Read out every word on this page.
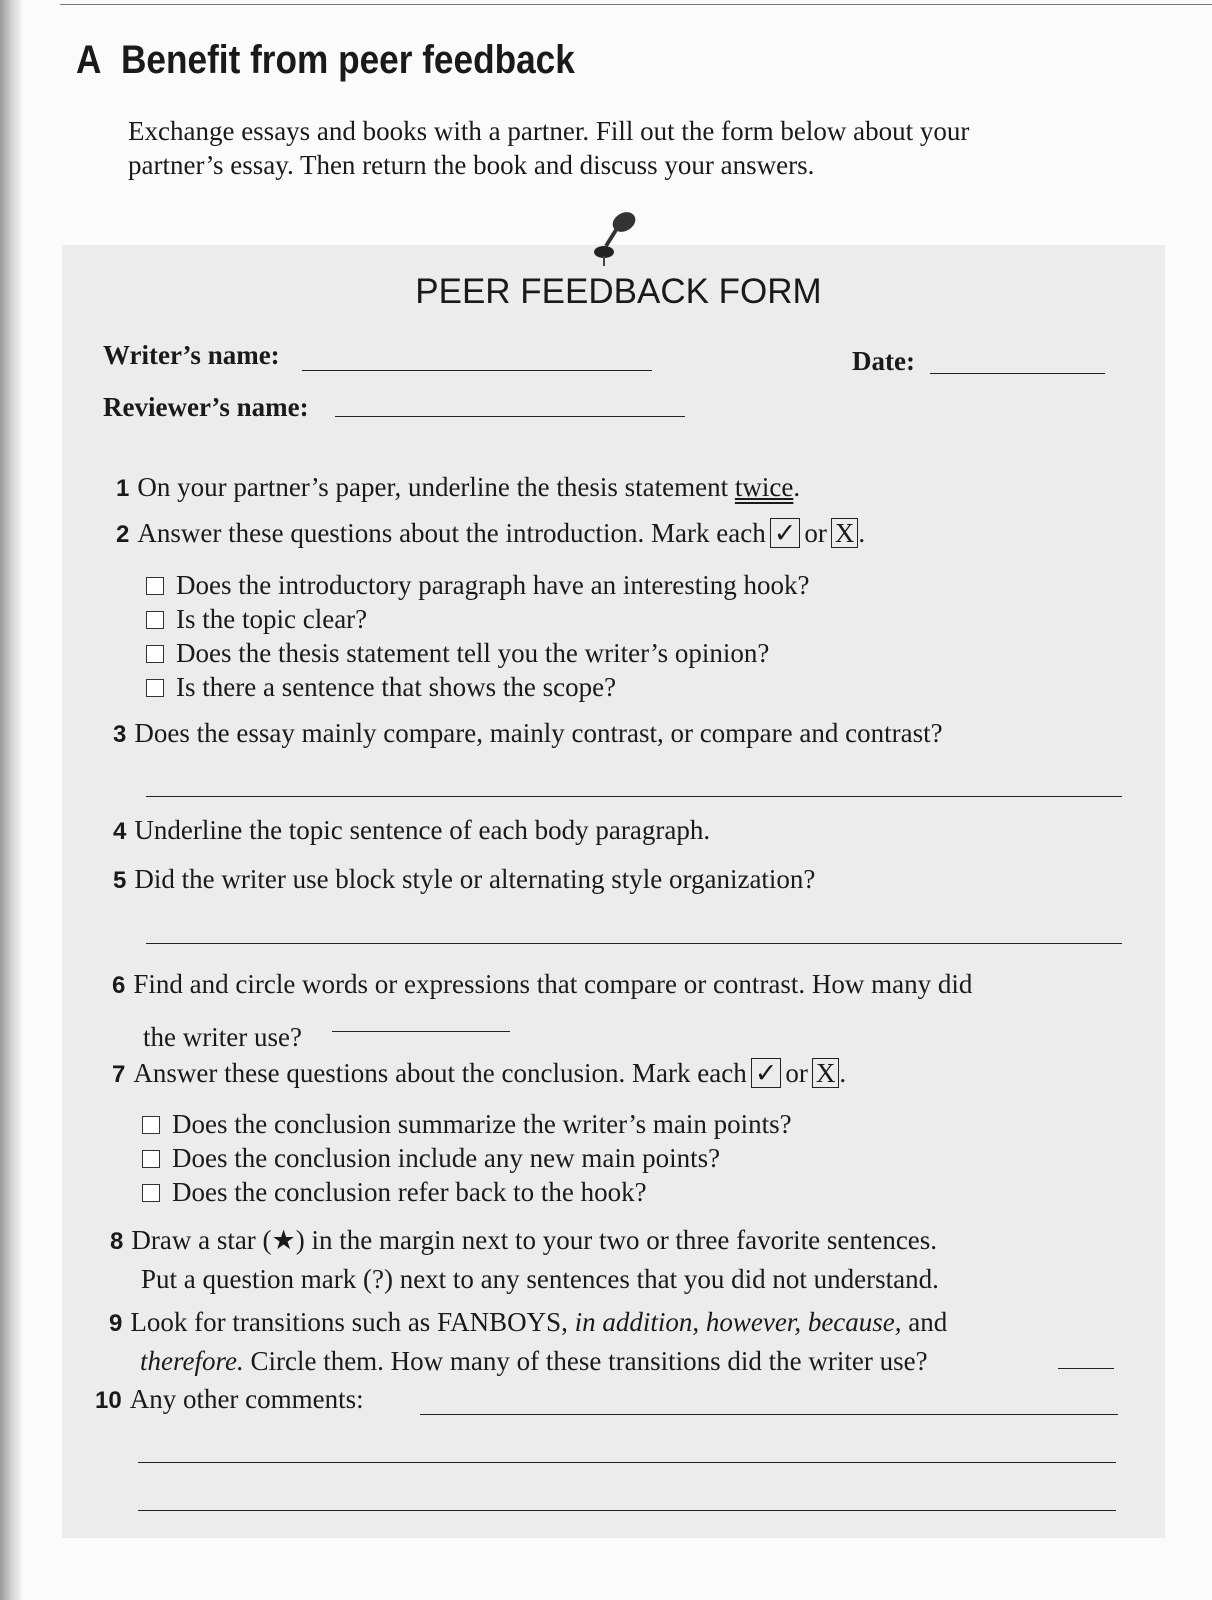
A Benefit from peer feedback
Exchange essays and books with a partner. Fill out the form below about your
partner’s essay. Then return the book and discuss your answers.
PEER FEEDBACK FORM
Writer’s name:	Date:
Reviewer’s name:
1 On your partner’s paper, underline the thesis statement twice.
2 Answer these questions about the introduction. Mark each ✓ or X .
Does the introductory paragraph have an interesting hook?
Is the topic clear?
Does the thesis statement tell you the writer’s opinion?
Is there a sentence that shows the scope?
3 Does the essay mainly compare, mainly contrast, or compare and contrast?
4 Underline the topic sentence of each body paragraph.
5 Did the writer use block style or alternating style organization?
6 Find and circle words or expressions that compare or contrast. How many did
the writer use?
7 Answer these questions about the conclusion. Mark each ✓ or X .
Does the conclusion summarize the writer’s main points?
Does the conclusion include any new main points?
Does the conclusion refer back to the hook?
8 Draw a star (★) in the margin next to your two or three favorite sentences.
Put a question mark (?) next to any sentences that you did not understand.
9 Look for transitions such as FANBOYS, in addition, however, because, and
therefore. Circle them. How many of these transitions did the writer use?
10 Any other comments:
